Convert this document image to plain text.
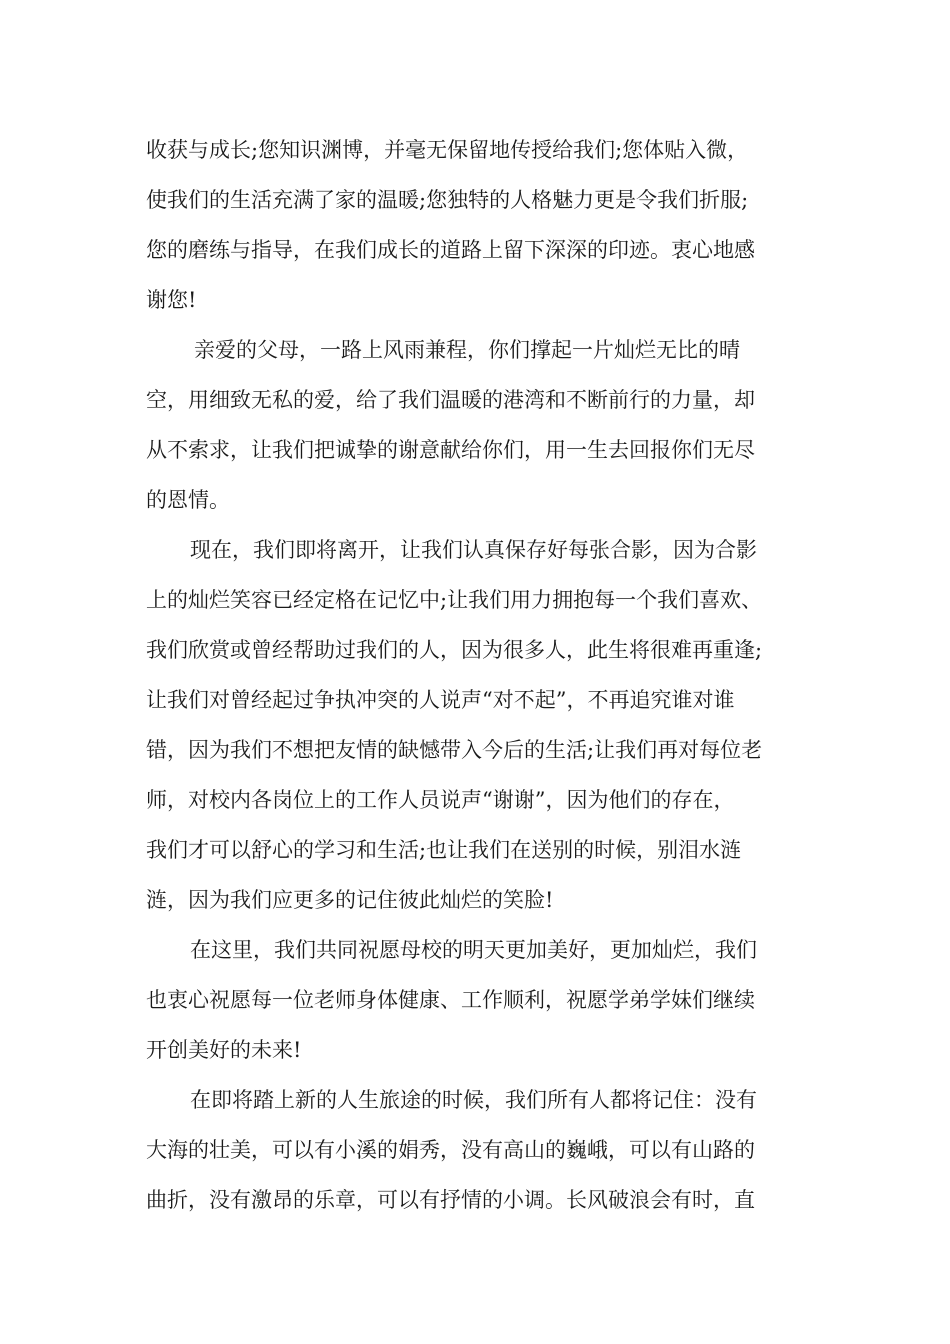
收获与成长;您知识渊博，并毫无保留地传授给我们;您体贴入微，
使我们的生活充满了家的温暖;您独特的人格魅力更是令我们折服;
您的磨练与指导，在我们成长的道路上留下深深的印迹。衷心地感
谢您!
亲爱的父母，一路上风雨兼程，你们撑起一片灿烂无比的晴
空，用细致无私的爱，给了我们温暖的港湾和不断前行的力量，却
从不索求，让我们把诚挚的谢意献给你们，用一生去回报你们无尽
的恩情。
现在，我们即将离开，让我们认真保存好每张合影，因为合影
上的灿烂笑容已经定格在记忆中;让我们用力拥抱每一个我们喜欢、
我们欣赏或曾经帮助过我们的人，因为很多人，此生将很难再重逢;
让我们对曾经起过争执冲突的人说声“对不起”，不再追究谁对谁
错，因为我们不想把友情的缺憾带入今后的生活;让我们再对每位老
师，对校内各岗位上的工作人员说声“谢谢”，因为他们的存在，
我们才可以舒心的学习和生活;也让我们在送别的时候，别泪水涟
涟，因为我们应更多的记住彼此灿烂的笑脸!
在这里，我们共同祝愿母校的明天更加美好，更加灿烂，我们
也衷心祝愿每一位老师身体健康、工作顺利，祝愿学弟学妹们继续
开创美好的未来!
在即将踏上新的人生旅途的时候，我们所有人都将记住：没有
大海的壮美，可以有小溪的娟秀，没有高山的巍峨，可以有山路的
曲折，没有激昂的乐章，可以有抒情的小调。长风破浪会有时，直
